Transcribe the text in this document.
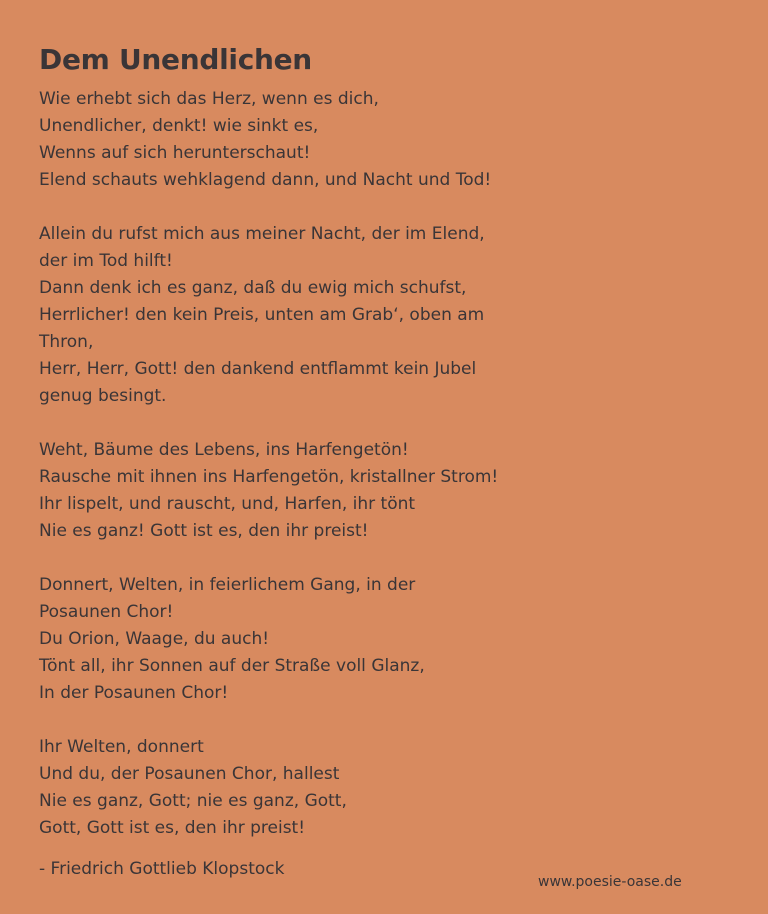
Dem Unendlichen
Wie erhebt sich das Herz, wenn es dich,
Unendlicher, denkt! wie sinkt es,
Wenns auf sich herunterschaut!
Elend schauts wehklagend dann, und Nacht und Tod!
Allein du rufst mich aus meiner Nacht, der im Elend,
der im Tod hilft!
Dann denk ich es ganz, daß du ewig mich schufst,
Herrlicher! den kein Preis, unten am Grab‘, oben am
Thron,
Herr, Herr, Gott! den dankend entflammt kein Jubel
genug besingt.
Weht, Bäume des Lebens, ins Harfengetön!
Rausche mit ihnen ins Harfengetön, kristallner Strom!
Ihr lispelt, und rauscht, und, Harfen, ihr tönt
Nie es ganz! Gott ist es, den ihr preist!
Donnert, Welten, in feierlichem Gang, in der
Posaunen Chor!
Du Orion, Waage, du auch!
Tönt all, ihr Sonnen auf der Straße voll Glanz,
In der Posaunen Chor!
Ihr Welten, donnert
Und du, der Posaunen Chor, hallest
Nie es ganz, Gott; nie es ganz, Gott,
Gott, Gott ist es, den ihr preist!
- Friedrich Gottlieb Klopstock
www.poesie-oase.de
